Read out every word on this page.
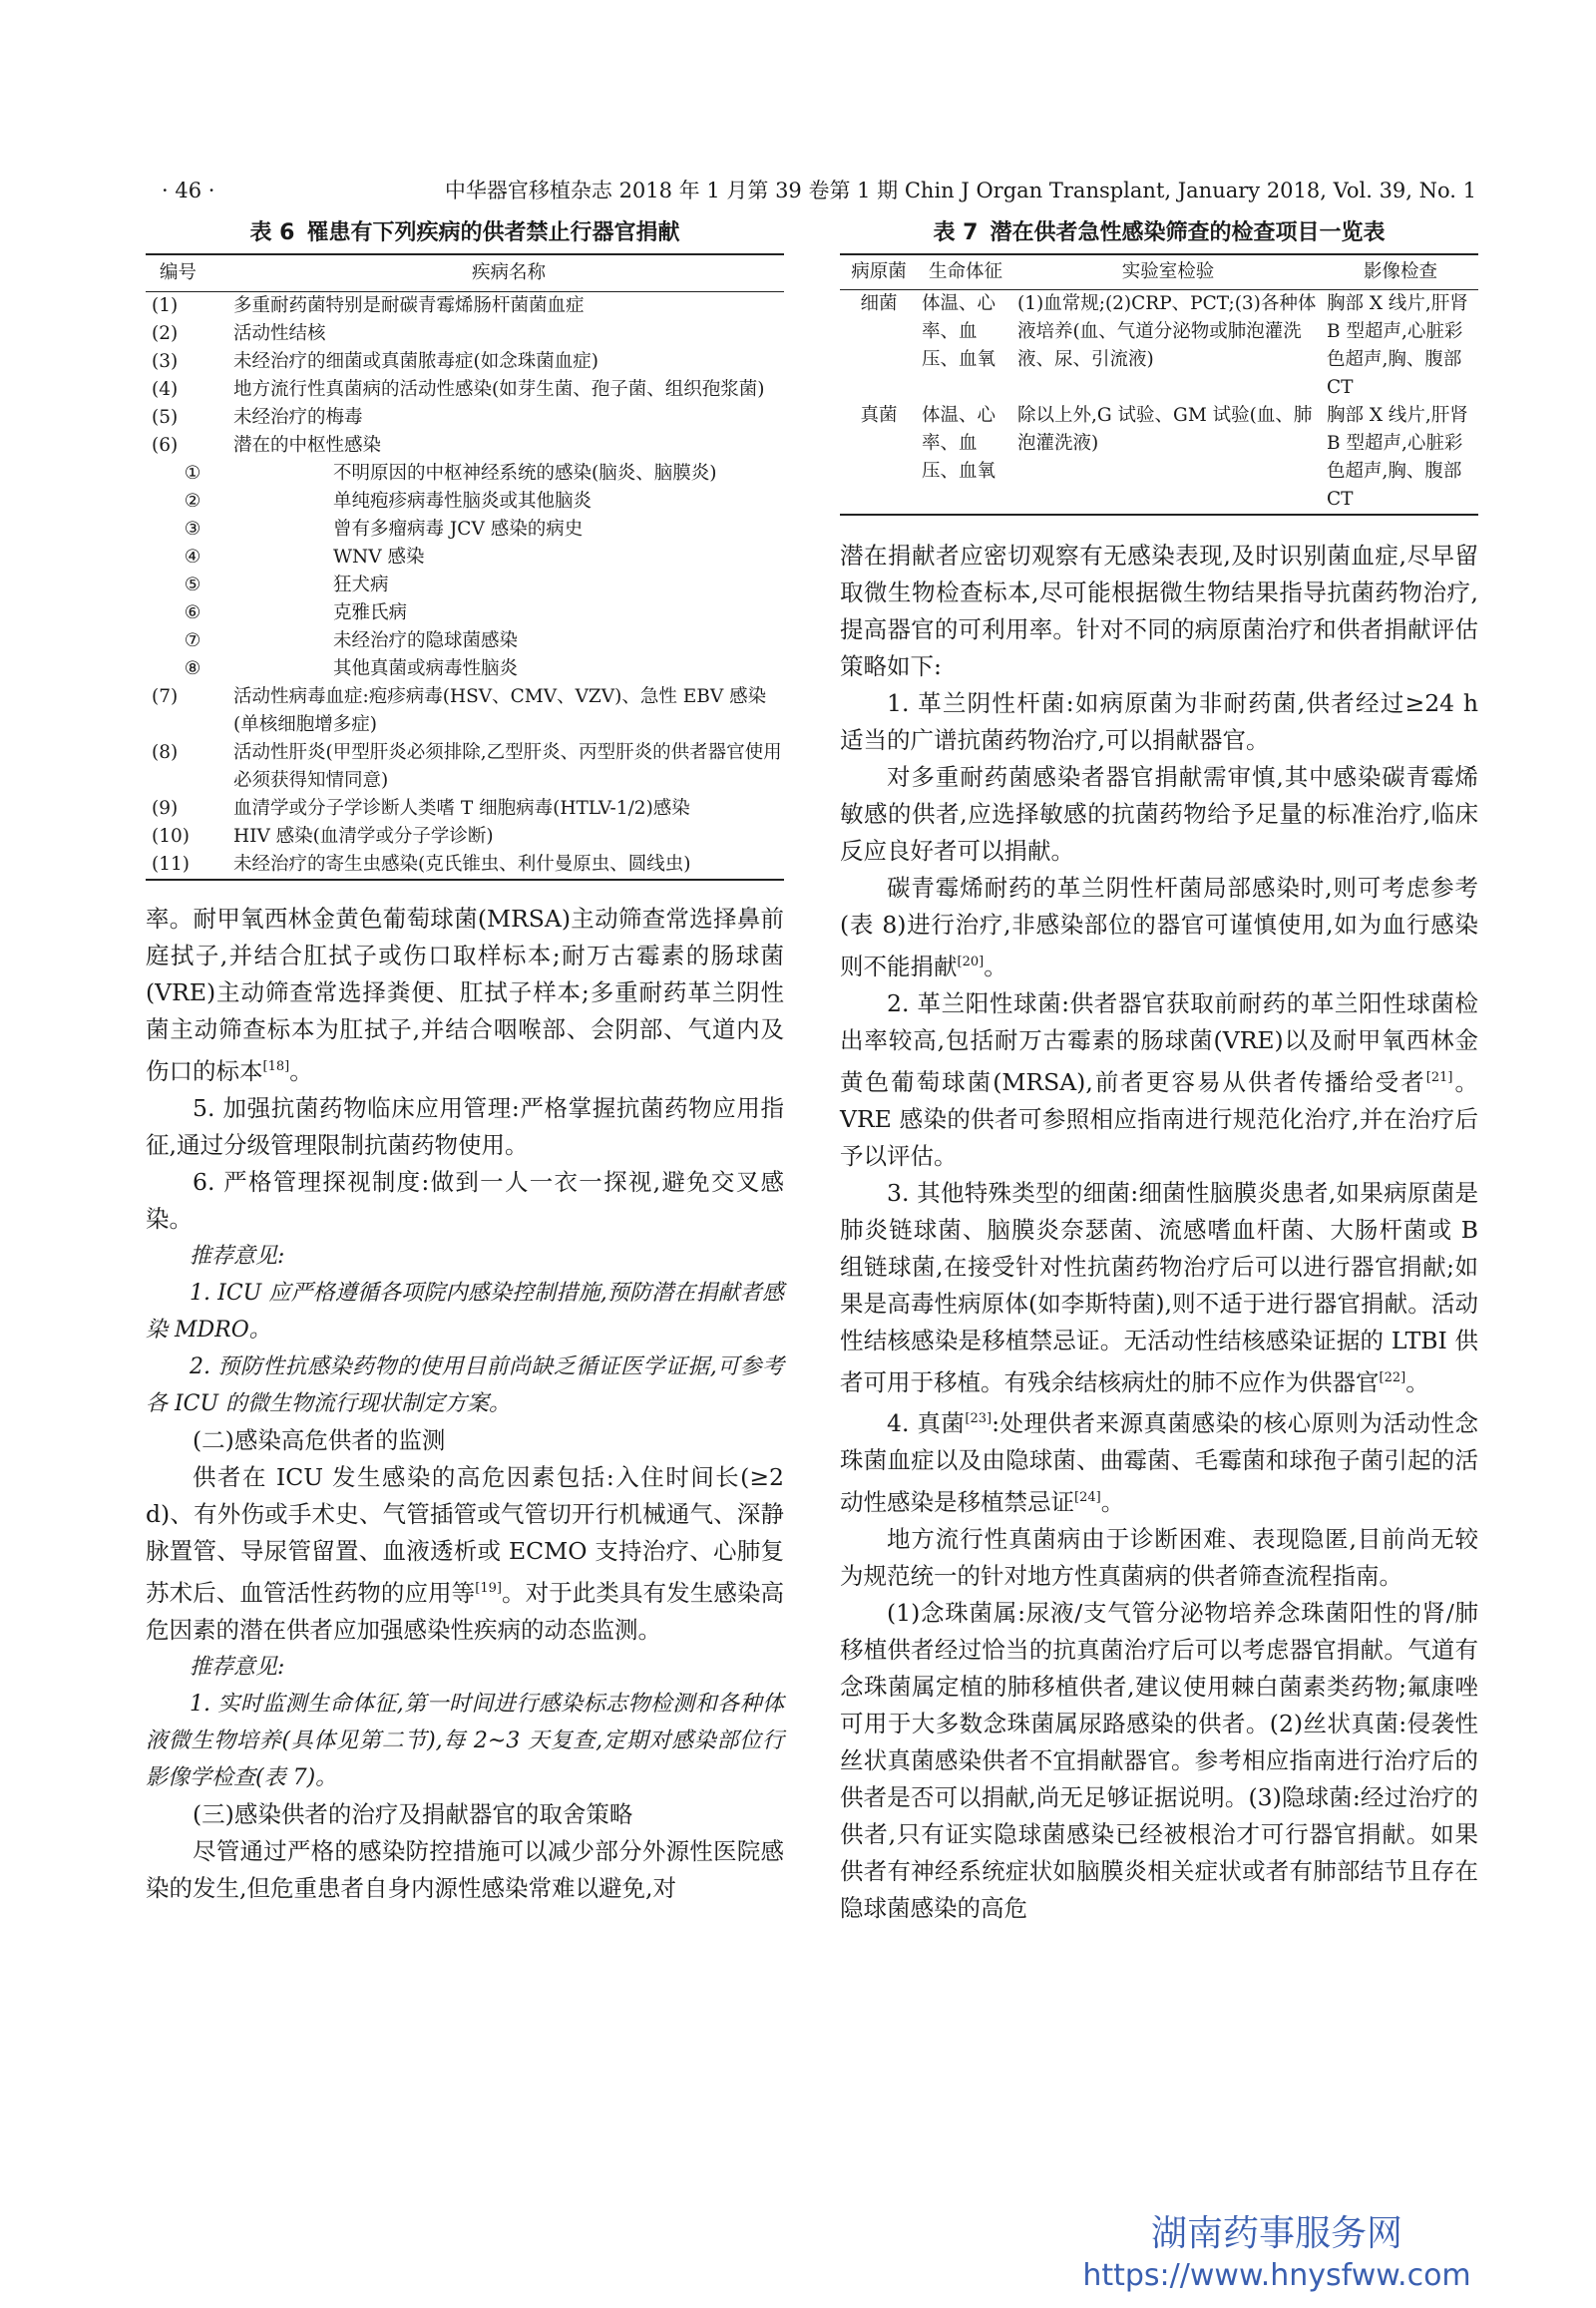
· 46 ·	中华器官移植杂志 2018 年 1 月第 39 卷第 1 期 Chin J Organ Transplant, January 2018, Vol. 39, No. 1
表 6 罹患有下列疾病的供者禁止行器官捐献
编号	疾病名称
(1)	多重耐药菌特别是耐碳青霉烯肠杆菌菌血症
(2)	活动性结核
(3)	未经治疗的细菌或真菌脓毒症(如念珠菌血症)
(4)	地方流行性真菌病的活动性感染(如芽生菌、孢子菌、组织孢浆菌)
(5)	未经治疗的梅毒
(6)	潜在的中枢性感染
①	不明原因的中枢神经系统的感染(脑炎、脑膜炎)
②	单纯疱疹病毒性脑炎或其他脑炎
③	曾有多瘤病毒 JCV 感染的病史
④	WNV 感染
⑤	狂犬病
⑥	克雅氏病
⑦	未经治疗的隐球菌感染
⑧	其他真菌或病毒性脑炎
(7)	活动性病毒血症:疱疹病毒(HSV、CMV、VZV)、急性 EBV 感染(单核细胞增多症)
(8)	活动性肝炎(甲型肝炎必须排除,乙型肝炎、丙型肝炎的供者器官使用必须获得知情同意)
(9)	血清学或分子学诊断人类嗜 T 细胞病毒(HTLV-1/2)感染
(10)	HIV 感染(血清学或分子学诊断)
(11)	未经治疗的寄生虫感染(克氏锥虫、利什曼原虫、圆线虫)

率。耐甲氧西林金黄色葡萄球菌(MRSA)主动筛查常选择鼻前庭拭子,并结合肛拭子或伤口取样标本;耐万古霉素的肠球菌(VRE)主动筛查常选择粪便、肛拭子样本;多重耐药革兰阴性菌主动筛查标本为肛拭子,并结合咽喉部、会阴部、气道内及伤口的标本[18]。

5. 加强抗菌药物临床应用管理:严格掌握抗菌药物应用指征,通过分级管理限制抗菌药物使用。

6. 严格管理探视制度:做到一人一衣一探视,避免交叉感染。

推荐意见:

1. ICU 应严格遵循各项院内感染控制措施,预防潜在捐献者感染 MDRO。

2. 预防性抗感染药物的使用目前尚缺乏循证医学证据,可参考各 ICU 的微生物流行现状制定方案。

(二)感染高危供者的监测

供者在 ICU 发生感染的高危因素包括:入住时间长(≥2 d)、有外伤或手术史、气管插管或气管切开行机械通气、深静脉置管、导尿管留置、血液透析或 ECMO 支持治疗、心肺复苏术后、血管活性药物的应用等[19]。对于此类具有发生感染高危因素的潜在供者应加强感染性疾病的动态监测。

推荐意见:

1. 实时监测生命体征,第一时间进行感染标志物检测和各种体液微生物培养(具体见第二节),每 2~3 天复查,定期对感染部位行影像学检查(表 7)。

(三)感染供者的治疗及捐献器官的取舍策略

尽管通过严格的感染防控措施可以减少部分外源性医院感染的发生,但危重患者自身内源性感染常难以避免,对

表 7 潜在供者急性感染筛查的检查项目一览表
病原菌	生命体征	实验室检验	影像检查
细菌	体温、心率、血压、血氧	(1)血常规;(2)CRP、PCT;(3)各种体液培养(血、气道分泌物或肺泡灌洗液、尿、引流液)	胸部 X 线片,肝肾 B 型超声,心脏彩色超声,胸、腹部 CT
真菌	体温、心率、血压、血氧	除以上外,G 试验、GM 试验(血、肺泡灌洗液)	胸部 X 线片,肝肾 B 型超声,心脏彩色超声,胸、腹部 CT

潜在捐献者应密切观察有无感染表现,及时识别菌血症,尽早留取微生物检查标本,尽可能根据微生物结果指导抗菌药物治疗,提高器官的可利用率。针对不同的病原菌治疗和供者捐献评估策略如下:

1. 革兰阴性杆菌:如病原菌为非耐药菌,供者经过≥24 h 适当的广谱抗菌药物治疗,可以捐献器官。

对多重耐药菌感染者器官捐献需审慎,其中感染碳青霉烯敏感的供者,应选择敏感的抗菌药物给予足量的标准治疗,临床反应良好者可以捐献。

碳青霉烯耐药的革兰阴性杆菌局部感染时,则可考虑参考(表 8)进行治疗,非感染部位的器官可谨慎使用,如为血行感染则不能捐献[20]。

2. 革兰阳性球菌:供者器官获取前耐药的革兰阳性球菌检出率较高,包括耐万古霉素的肠球菌(VRE)以及耐甲氧西林金黄色葡萄球菌(MRSA),前者更容易从供者传播给受者[21]。VRE 感染的供者可参照相应指南进行规范化治疗,并在治疗后予以评估。

3. 其他特殊类型的细菌:细菌性脑膜炎患者,如果病原菌是肺炎链球菌、脑膜炎奈瑟菌、流感嗜血杆菌、大肠杆菌或 B 组链球菌,在接受针对性抗菌药物治疗后可以进行器官捐献;如果是高毒性病原体(如李斯特菌),则不适于进行器官捐献。活动性结核感染是移植禁忌证。无活动性结核感染证据的 LTBI 供者可用于移植。有残余结核病灶的肺不应作为供器官[22]。

4. 真菌[23]:处理供者来源真菌感染的核心原则为活动性念珠菌血症以及由隐球菌、曲霉菌、毛霉菌和球孢子菌引起的活动性感染是移植禁忌证[24]。

地方流行性真菌病由于诊断困难、表现隐匿,目前尚无较为规范统一的针对地方性真菌病的供者筛查流程指南。

(1)念珠菌属:尿液/支气管分泌物培养念珠菌阳性的肾/肺移植供者经过恰当的抗真菌治疗后可以考虑器官捐献。气道有念珠菌属定植的肺移植供者,建议使用棘白菌素类药物;氟康唑可用于大多数念珠菌属尿路感染的供者。(2)丝状真菌:侵袭性丝状真菌感染供者不宜捐献器官。参考相应指南进行治疗后的供者是否可以捐献,尚无足够证据说明。(3)隐球菌:经过治疗的供者,只有证实隐球菌感染已经被根治才可行器官捐献。如果供者有神经系统症状如脑膜炎相关症状或者有肺部结节且存在隐球菌感染的高危

湖南药事服务网
https://www.hnysfww.com
